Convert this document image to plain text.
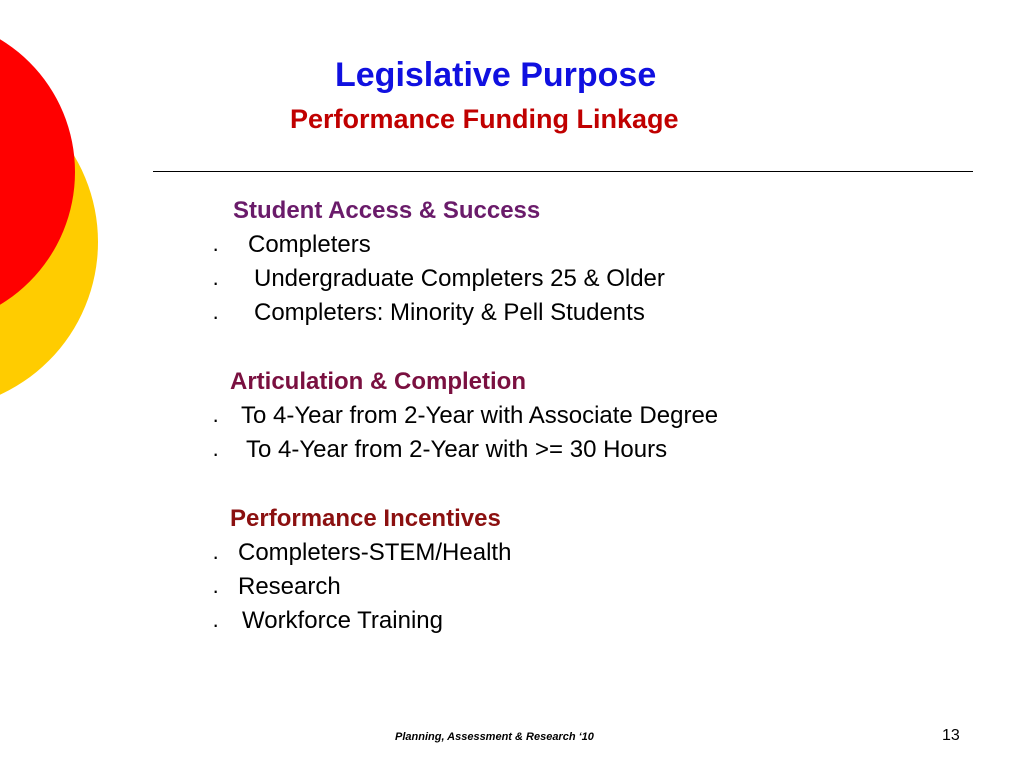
Legislative Purpose
Performance Funding Linkage
Student Access & Success
· Completers
· Undergraduate Completers 25 & Older
· Completers: Minority & Pell Students
Articulation & Completion
· To 4-Year from 2-Year with Associate Degree
· To 4-Year from 2-Year with >= 30 Hours
Performance Incentives
· Completers-STEM/Health
· Research
· Workforce Training
Planning, Assessment & Research ‘10	13
